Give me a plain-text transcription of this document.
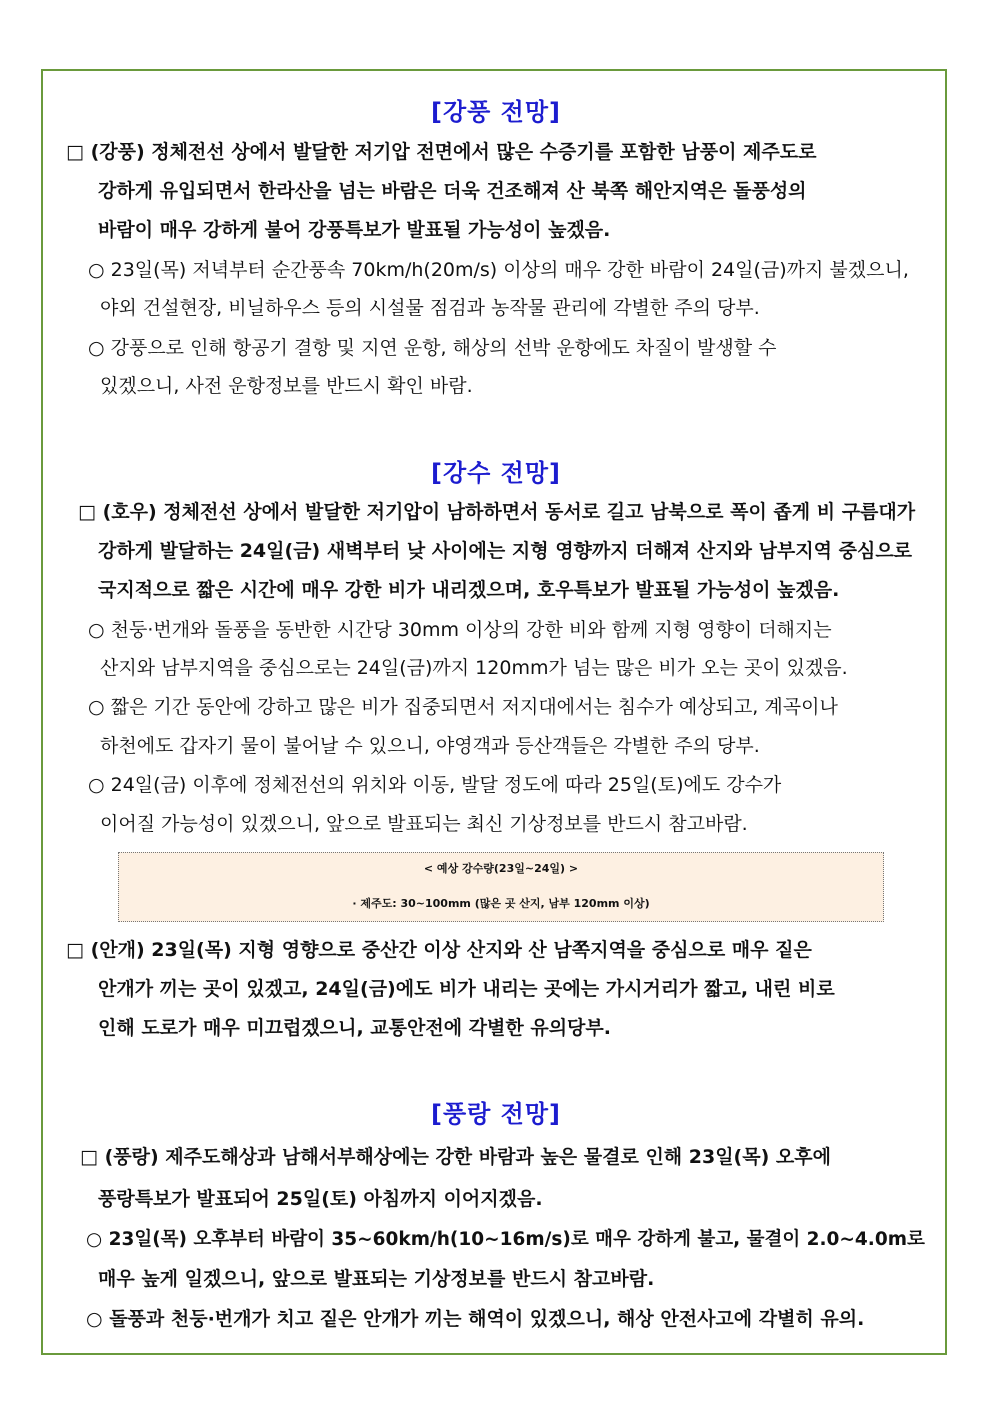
[강풍 전망]
□ (강풍) 정체전선 상에서 발달한 저기압 전면에서 많은 수증기를 포함한 남풍이 제주도로
강하게 유입되면서 한라산을 넘는 바람은 더욱 건조해져 산 북쪽 해안지역은 돌풍성의
바람이 매우 강하게 불어 강풍특보가 발표될 가능성이 높겠음.
○ 23일(목) 저녁부터 순간풍속 70km/h(20m/s) 이상의 매우 강한 바람이 24일(금)까지 불겠으니,
야외 건설현장, 비닐하우스 등의 시설물 점검과 농작물 관리에 각별한 주의 당부.
○ 강풍으로 인해 항공기 결항 및 지연 운항, 해상의 선박 운항에도 차질이 발생할 수
있겠으니, 사전 운항정보를 반드시 확인 바람.
[강수 전망]
□ (호우) 정체전선 상에서 발달한 저기압이 남하하면서 동서로 길고 남북으로 폭이 좁게 비 구름대가
강하게 발달하는 24일(금) 새벽부터 낮 사이에는 지형 영향까지 더해져 산지와 남부지역 중심으로
국지적으로 짧은 시간에 매우 강한 비가 내리겠으며, 호우특보가 발표될 가능성이 높겠음.
○ 천둥·번개와 돌풍을 동반한 시간당 30mm 이상의 강한 비와 함께 지형 영향이 더해지는
산지와 남부지역을 중심으로는 24일(금)까지 120mm가 넘는 많은 비가 오는 곳이 있겠음.
○ 짧은 기간 동안에 강하고 많은 비가 집중되면서 저지대에서는 침수가 예상되고, 계곡이나
하천에도 갑자기 물이 불어날 수 있으니, 야영객과 등산객들은 각별한 주의 당부.
○ 24일(금) 이후에 정체전선의 위치와 이동, 발달 정도에 따라 25일(토)에도 강수가
이어질 가능성이 있겠으니, 앞으로 발표되는 최신 기상정보를 반드시 참고바람.
< 예상 강수량(23일~24일) >
· 제주도: 30~100mm (많은 곳 산지, 남부 120mm 이상)
□ (안개) 23일(목) 지형 영향으로 중산간 이상 산지와 산 남쪽지역을 중심으로 매우 짙은
안개가 끼는 곳이 있겠고, 24일(금)에도 비가 내리는 곳에는 가시거리가 짧고, 내린 비로
인해 도로가 매우 미끄럽겠으니, 교통안전에 각별한 유의당부.
[풍랑 전망]
□ (풍랑) 제주도해상과 남해서부해상에는 강한 바람과 높은 물결로 인해 23일(목) 오후에
풍랑특보가 발표되어 25일(토) 아침까지 이어지겠음.
○ 23일(목) 오후부터 바람이 35~60km/h(10~16m/s)로 매우 강하게 불고, 물결이 2.0~4.0m로
매우 높게 일겠으니, 앞으로 발표되는 기상정보를 반드시 참고바람.
○ 돌풍과 천둥·번개가 치고 짙은 안개가 끼는 해역이 있겠으니, 해상 안전사고에 각별히 유의.
